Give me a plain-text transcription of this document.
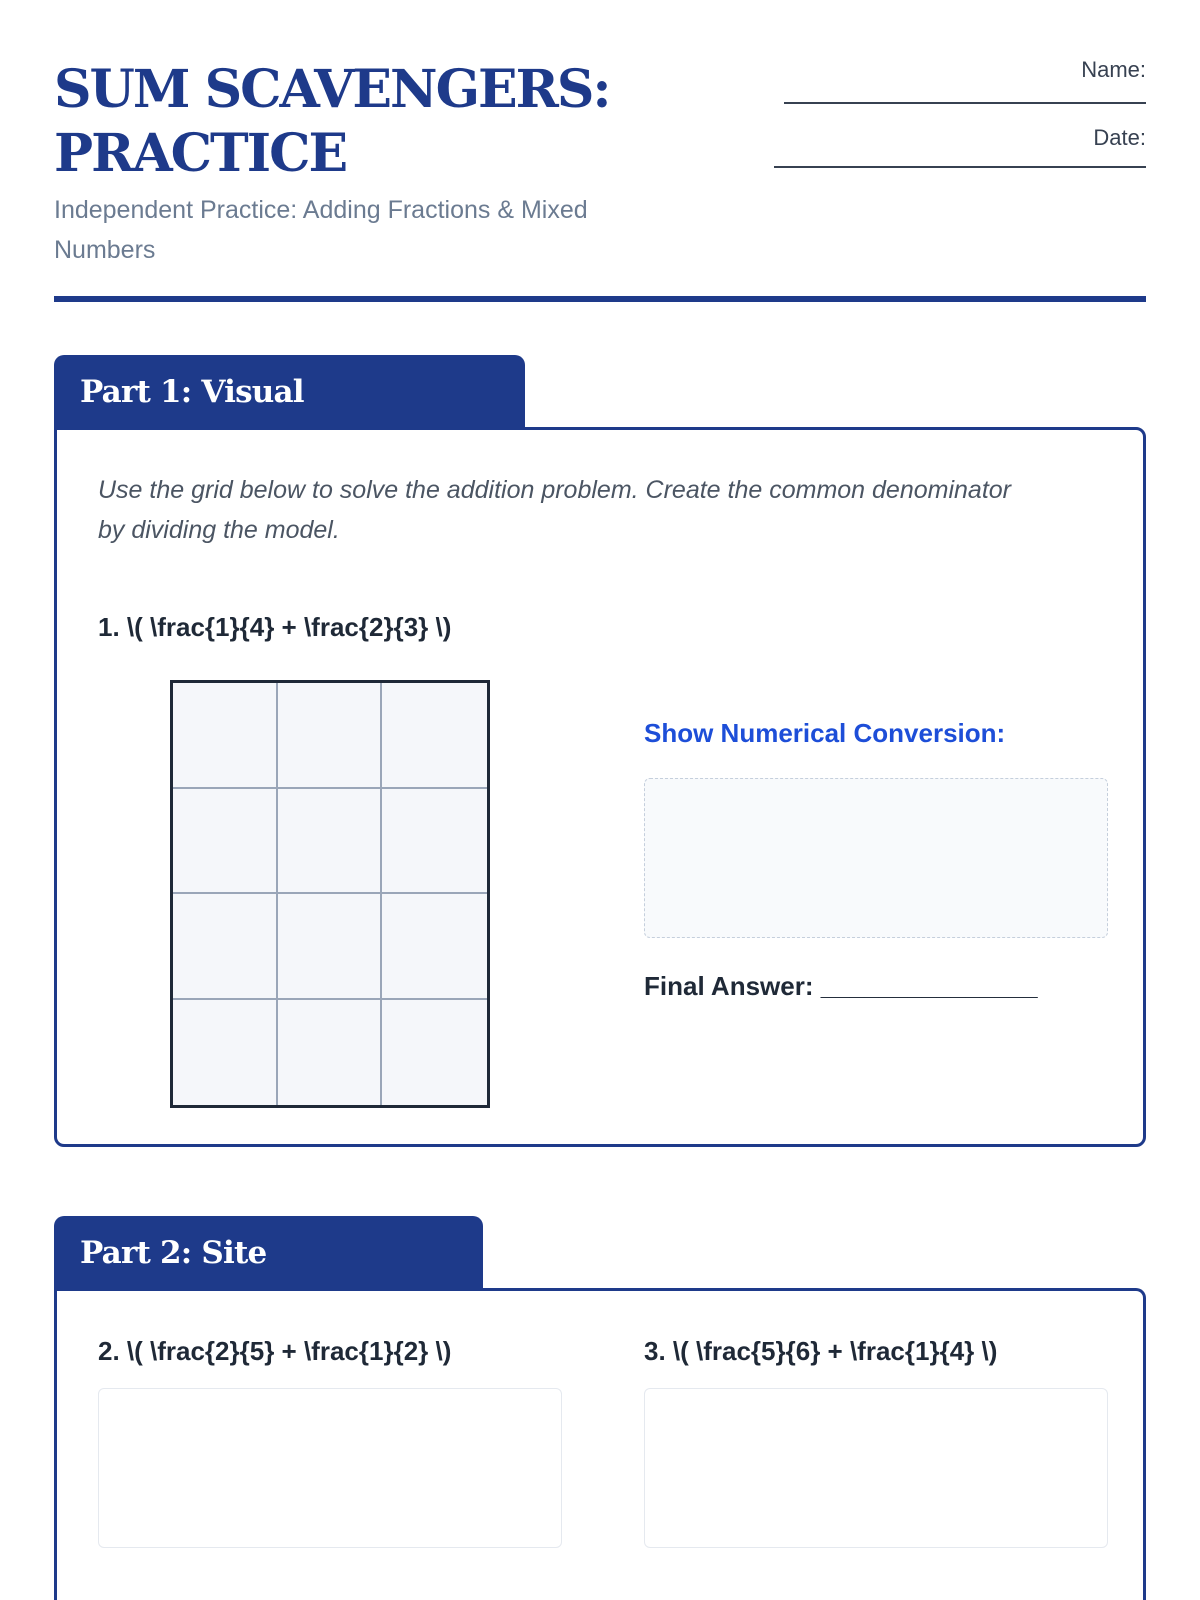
SUM SCAVENGERS: PRACTICE

Independent Practice: Adding Fractions & Mixed Numbers

Name:
Date:
Part 1: Visual

Use the grid below to solve the addition problem. Create the common denominator by dividing the model.

1. \( \frac{1}{4} + \frac{2}{3} \)
Show Numerical Conversion:
Final Answer: _______________
Part 2: Site
2. \( \frac{2}{5} + \frac{1}{2} \)	3. \( \frac{5}{6} + \frac{1}{4} \)
